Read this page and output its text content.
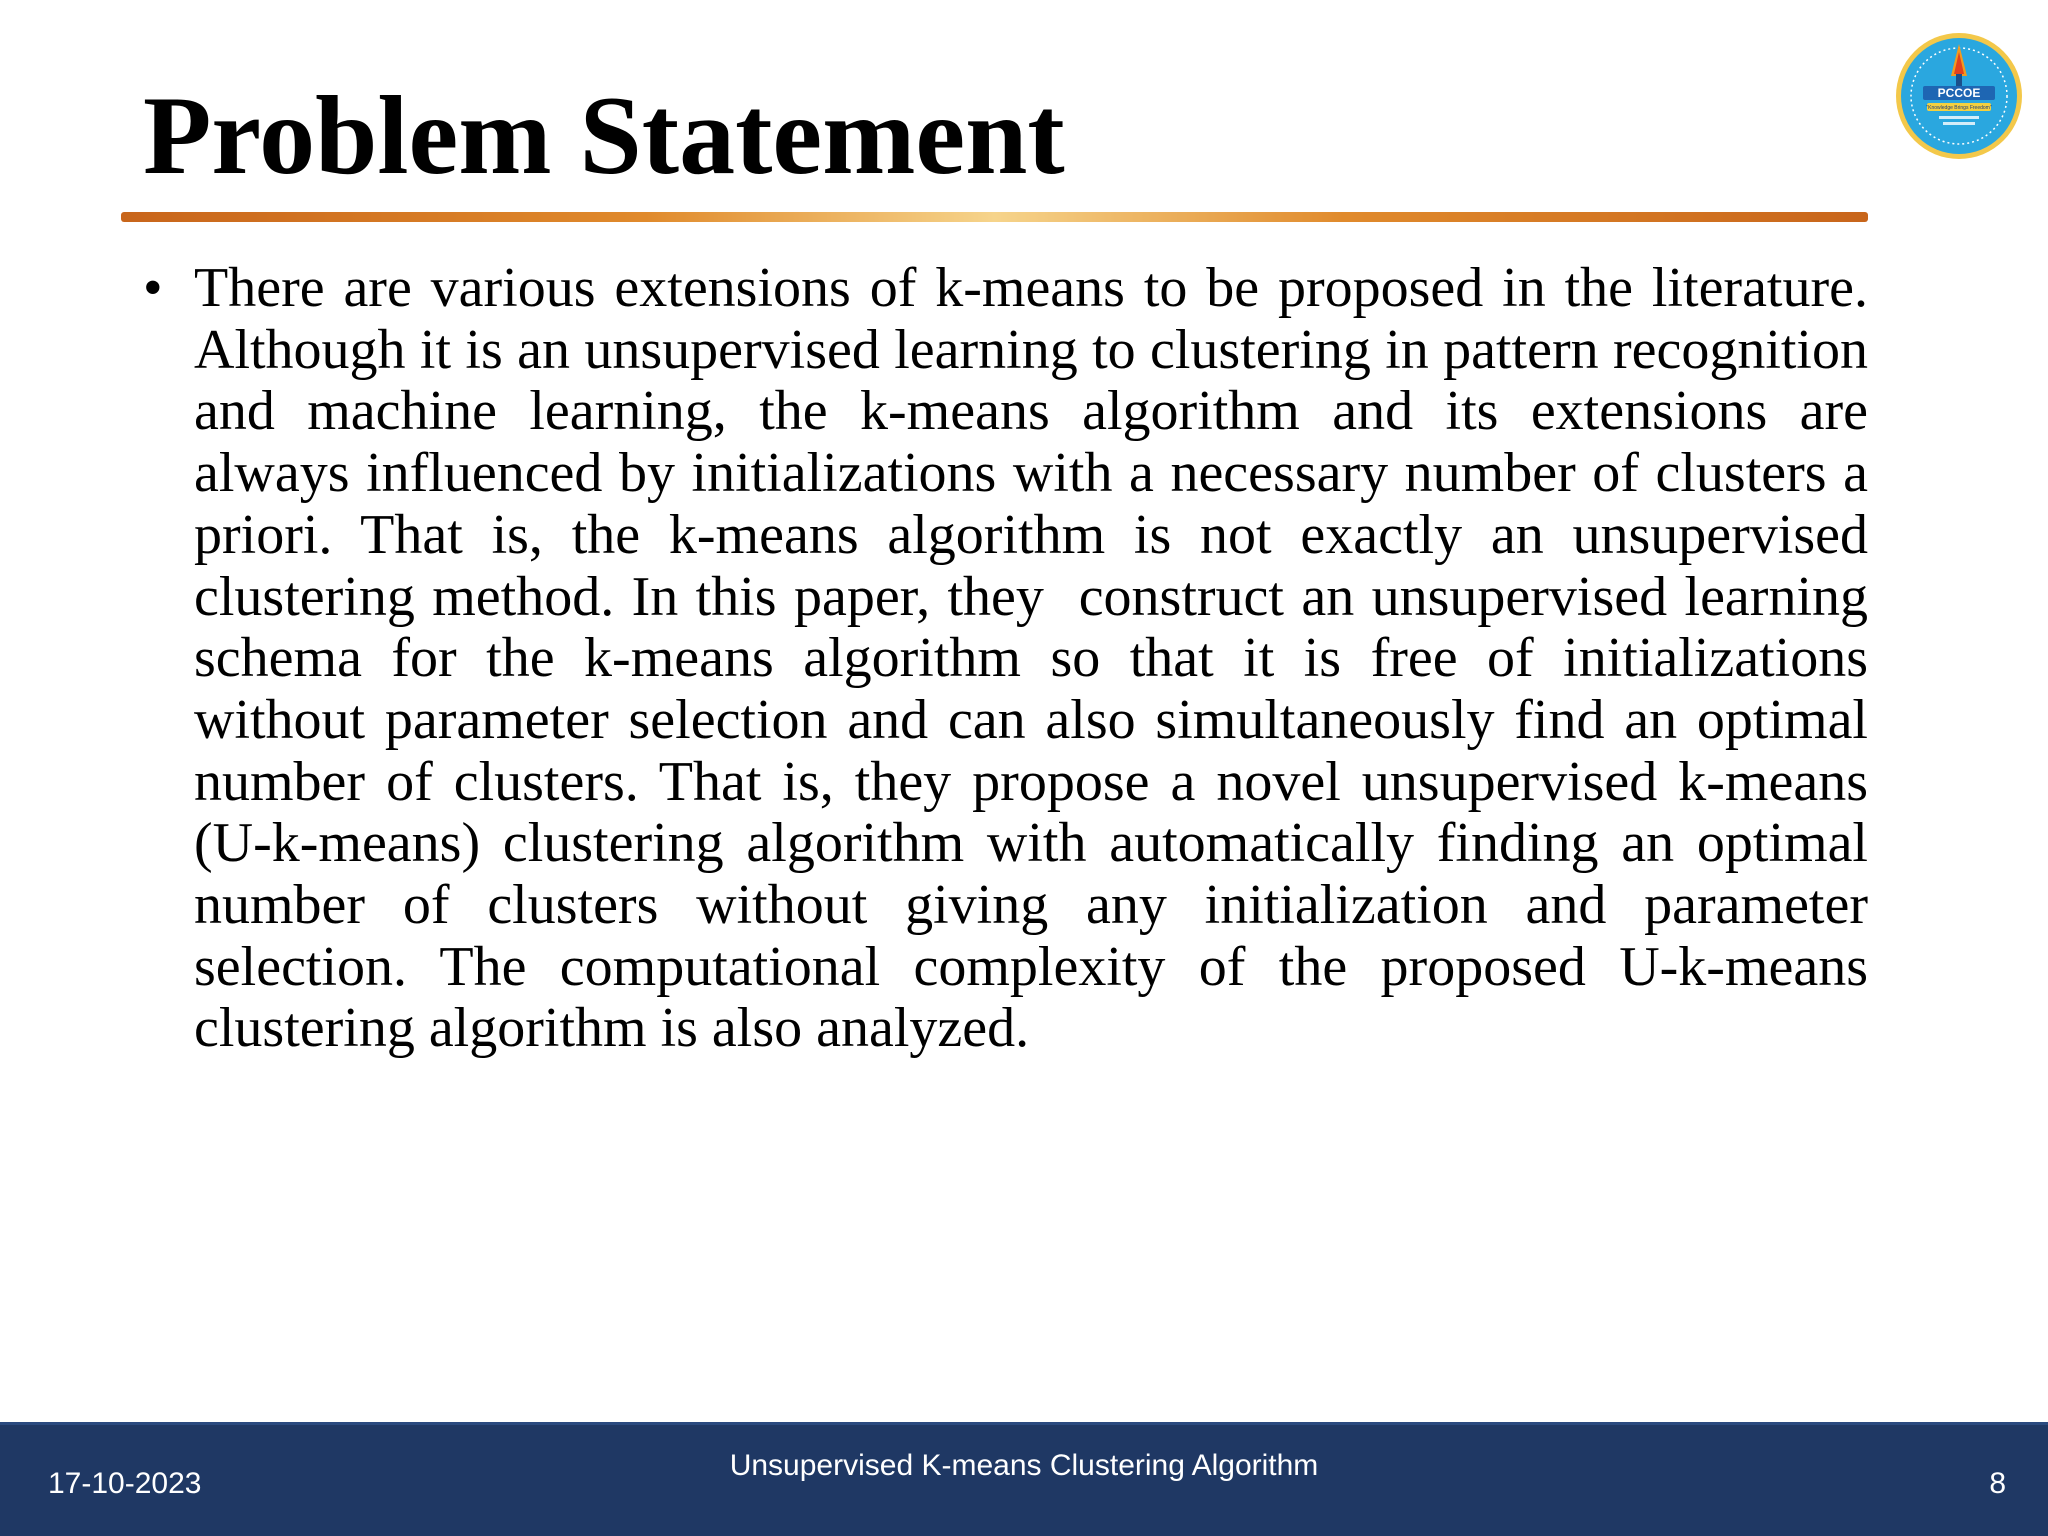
Problem Statement	PCCOE
"Knowledge Brings Freedom"
• There are various extensions of k-means to be proposed in the literature. Although it is an unsupervised learning to clustering in pattern recognition and machine learning, the k-means algorithm and its extensions are always influenced by initializations with a necessary number of clusters a priori. That is, the k-means algorithm is not exactly an unsupervised clustering method. In this paper, they  construct an unsupervised learning schema for the k-means algorithm so that it is free of initializations without parameter selection and can also simultaneously find an optimal number of clusters. That is, they propose a novel unsupervised k-means (U-k-means) clustering algorithm with automatically finding an optimal number of clusters without giving any initialization and parameter selection. The computational complexity of the proposed U-k-means clustering algorithm is also analyzed.

17-10-2023
Unsupervised K-means Clustering Algorithm
8
